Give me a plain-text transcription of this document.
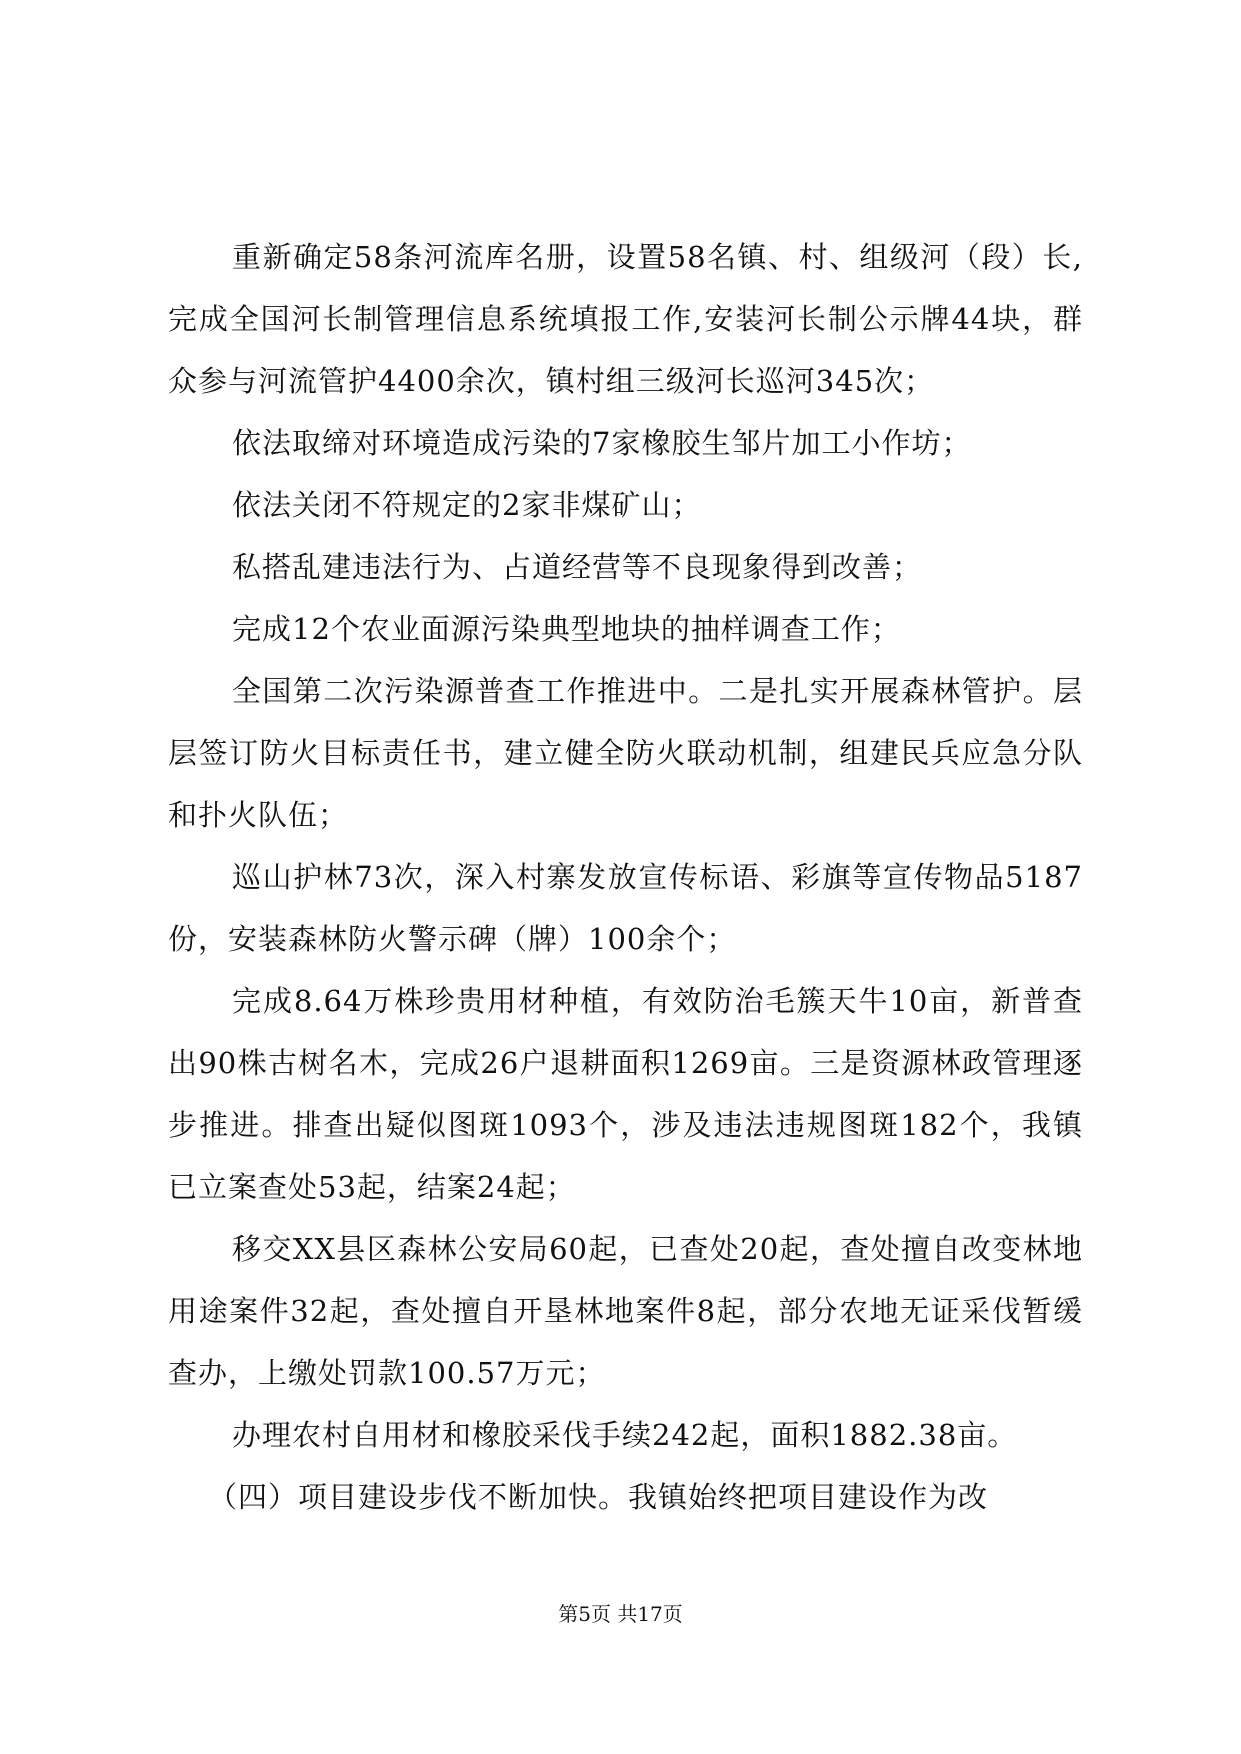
重新确定58条河流库名册，设置58名镇、村、组级河（段）长,完成全国河长制管理信息系统填报工作,安装河长制公示牌44块，群众参与河流管护4400余次，镇村组三级河长巡河345次；

依法取缔对环境造成污染的7家橡胶生邹片加工小作坊；

依法关闭不符规定的2家非煤矿山；

私搭乱建违法行为、占道经营等不良现象得到改善；

完成12个农业面源污染典型地块的抽样调查工作；

全国第二次污染源普查工作推进中。二是扎实开展森林管护。层层签订防火目标责任书，建立健全防火联动机制，组建民兵应急分队和扑火队伍；

巡山护林73次，深入村寨发放宣传标语、彩旗等宣传物品5187份，安装森林防火警示碑（牌）100余个；

完成8.64万株珍贵用材种植，有效防治毛簇天牛10亩，新普查出90株古树名木，完成26户退耕面积1269亩。三是资源林政管理逐步推进。排查出疑似图斑1093个，涉及违法违规图斑182个，我镇已立案查处53起，结案24起；

移交XX县区森林公安局60起，已查处20起，查处擅自改变林地用途案件32起，查处擅自开垦林地案件8起，部分农地无证采伐暂缓查办，上缴处罚款100.57万元；

办理农村自用材和橡胶采伐手续242起，面积1882.38亩。

（四）项目建设步伐不断加快。我镇始终把项目建设作为改

第5页 共17页
